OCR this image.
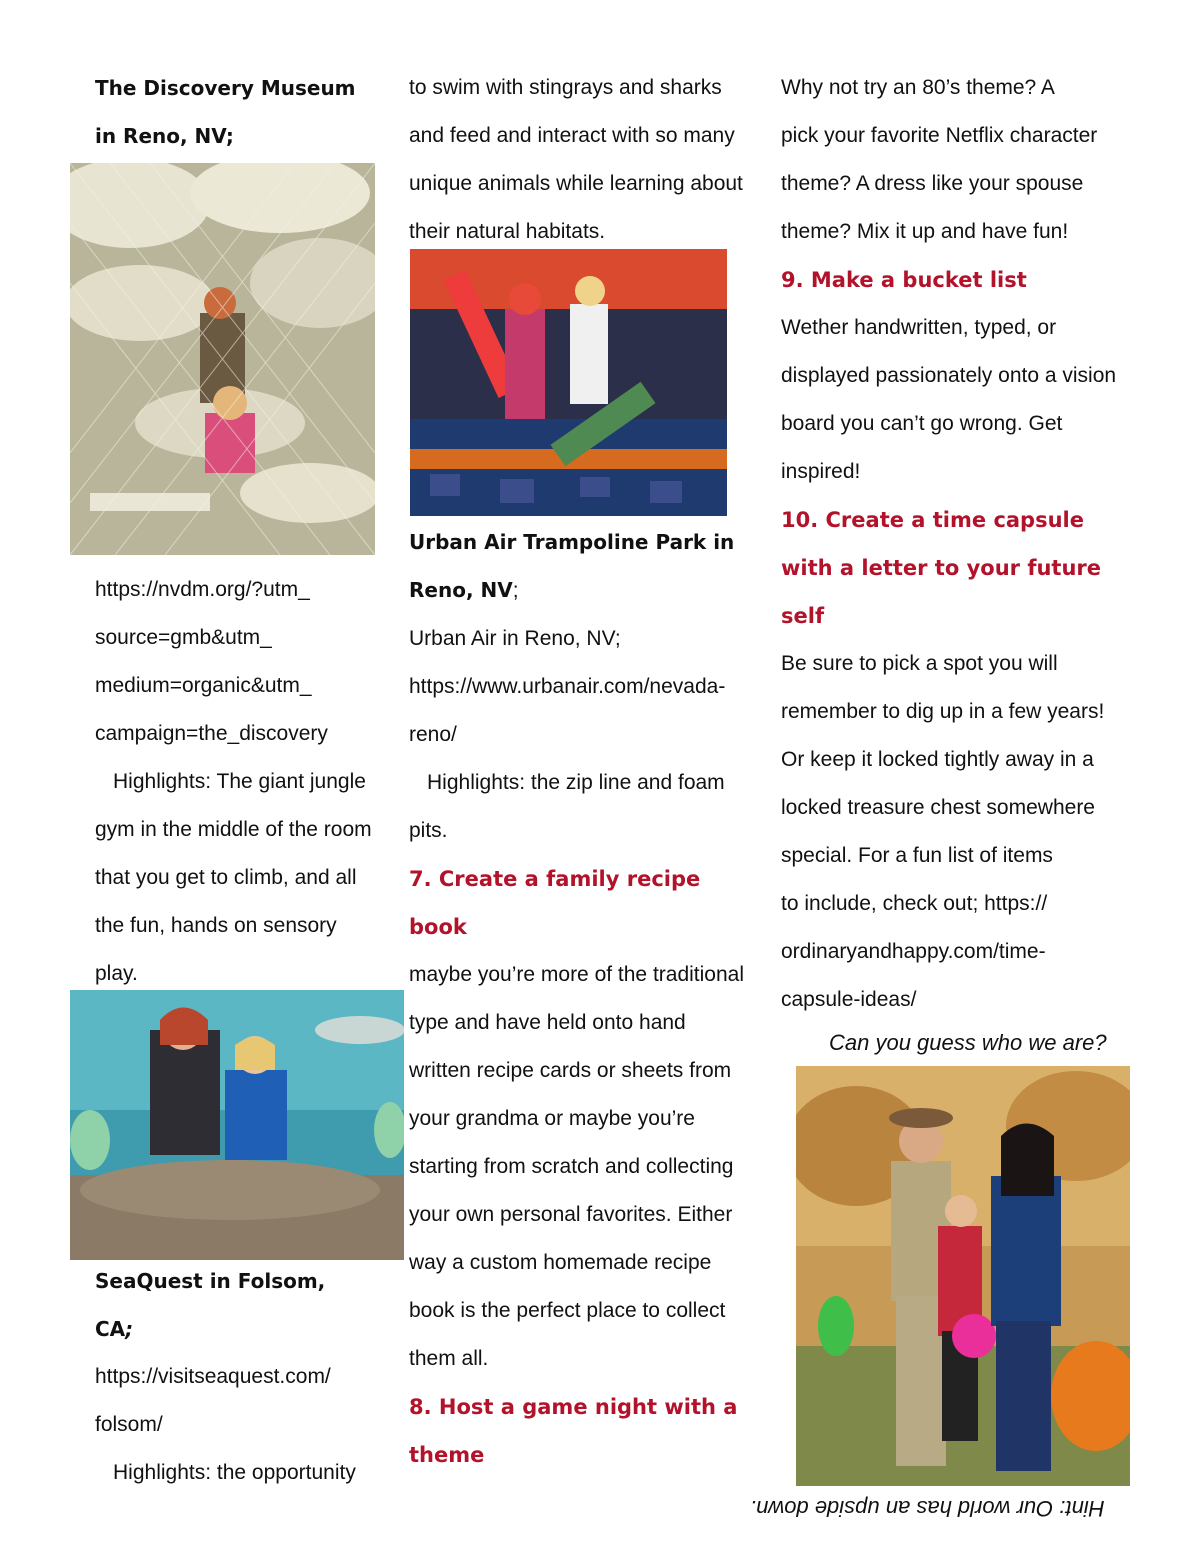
The Discovery Museum

in Reno, NV;

https://nvdm.org/?utm_

source=gmb&utm_

medium=organic&utm_

campaign=the_discovery

Highlights: The giant jungle

gym in the middle of the room

that you get to climb, and all

the fun, hands on sensory

play.

SeaQuest in Folsom,

CA;

https://visitseaquest.com/

folsom/

Highlights: the opportunity

to swim with stingrays and sharks

and feed and interact with so many

unique animals while learning about

their natural habitats.

Urban Air Trampoline Park in

Reno, NV;

Urban Air in Reno, NV;

https://www.urbanair.com/nevada-

reno/

Highlights: the zip line and foam

pits.

7. Create a family recipe

book

maybe you’re more of the traditional

type and have held onto hand

written recipe cards or sheets from

your grandma or maybe you’re

starting from scratch and collecting

your own personal favorites. Either

way a custom homemade recipe

book is the perfect place to collect

them all.

8. Host a game night with a

theme

Why not try an 80’s theme? A

pick your favorite Netflix character

theme? A dress like your spouse

theme? Mix it up and have fun!

9. Make a bucket list

Wether handwritten, typed, or

displayed passionately onto a vision

board you can’t go wrong. Get

inspired!

10. Create a time capsule

with a letter to your future

self

Be sure to pick a spot you will

remember to dig up in a few years!

Or keep it locked tightly away in a

locked treasure chest somewhere

special. For a fun list of items

to include, check out; https://

ordinaryandhappy.com/time-

capsule-ideas/

Can you guess who we are?
Hint: Our world has an upside down.
